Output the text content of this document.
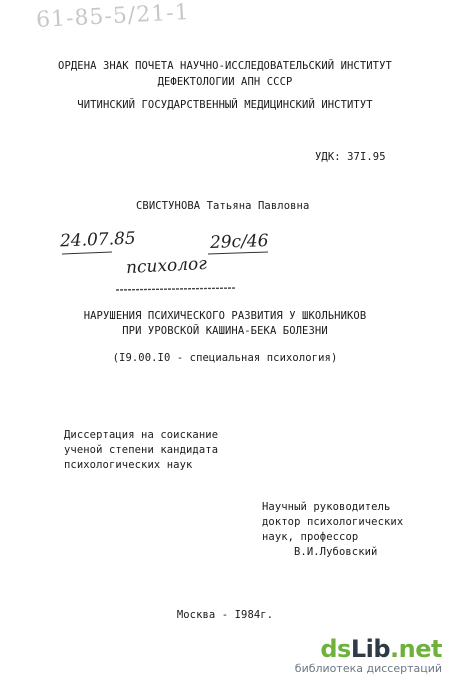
61-85-5/21-1
ОРДЕНА ЗНАК ПОЧЕТА НАУЧНО-ИССЛЕДОВАТЕЛЬСКИЙ ИНСТИТУТ
ДЕФЕКТОЛОГИИ АПН СССР
ЧИТИНСКИЙ ГОСУДАРСТВЕННЫЙ МЕДИЦИНСКИЙ ИНСТИТУТ
УДК: 37I.95
СВИСТУНОВА Татьяна Павловна
24.07.85	29с/46
психолог
НАРУШЕНИЯ ПСИХИЧЕСКОГО РАЗВИТИЯ У ШКОЛЬНИКОВ
ПРИ УРОВСКОЙ КАШИНА-БЕКА БОЛЕЗНИ
(I9.00.I0 - специальная психология)
Диссертация на соискание
ученой степени кандидата
психологических наук
Научный руководитель
доктор психологических
наук, профессор
В.И.Лубовский
Москва - I984г.
dsLib.net
библиотека диссертаций
